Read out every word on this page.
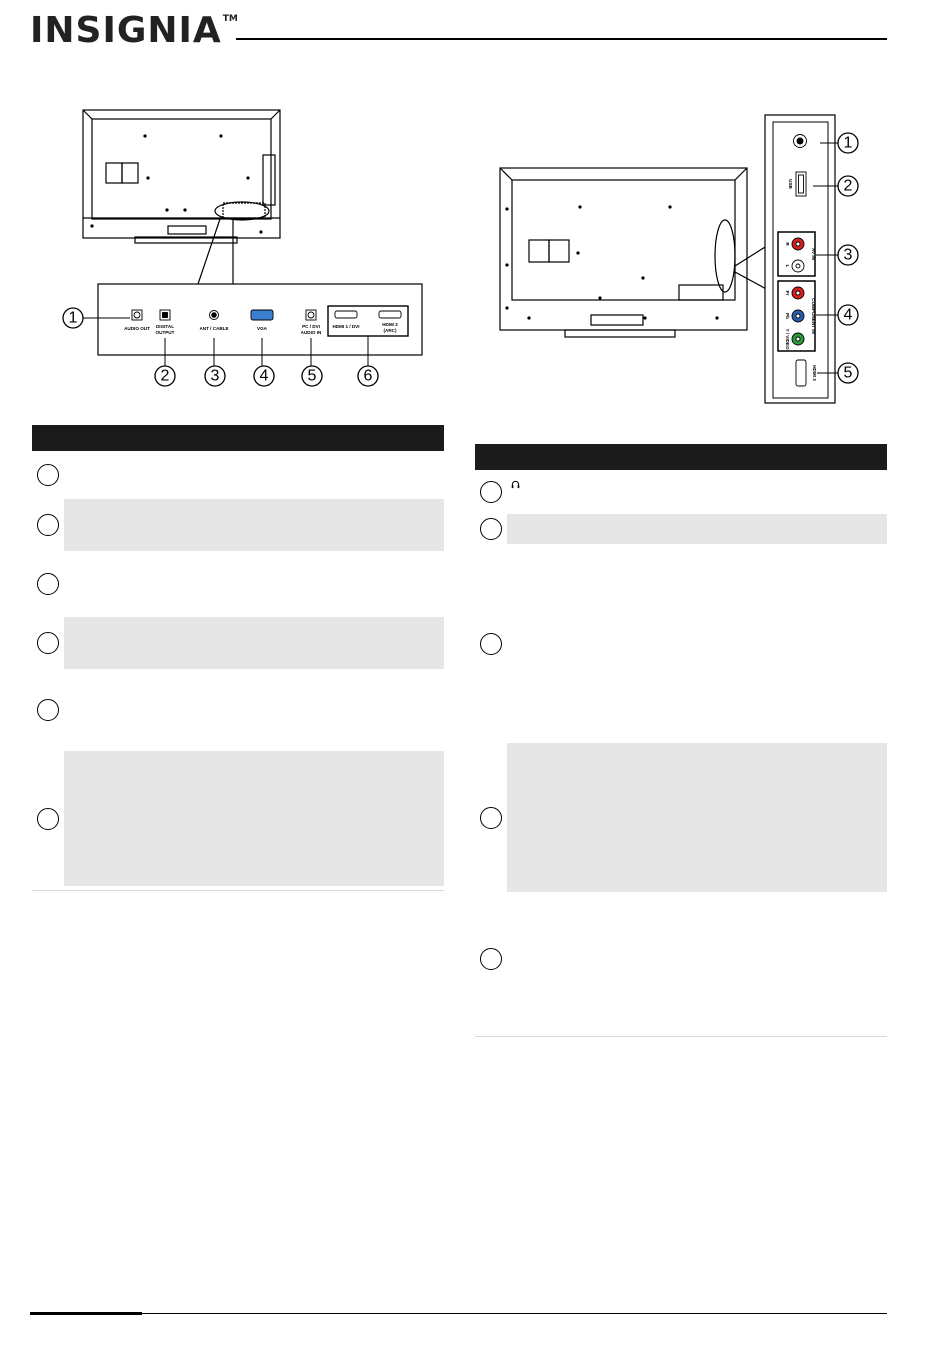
INSIGNIA™
AUDIO OUT DIGITAL
OUTPUT
ANT / CABLE	VGA	PC / DVI
AUDIO IN
HDMI 1 / DVI	HDMI 2
(ARC)
1
2	3	4 5	6
USB
R
L
AV IN
Pr
Pb
Y / VIDEO
COMPONENT IN
HDMI 3
1
2
3
4
5
